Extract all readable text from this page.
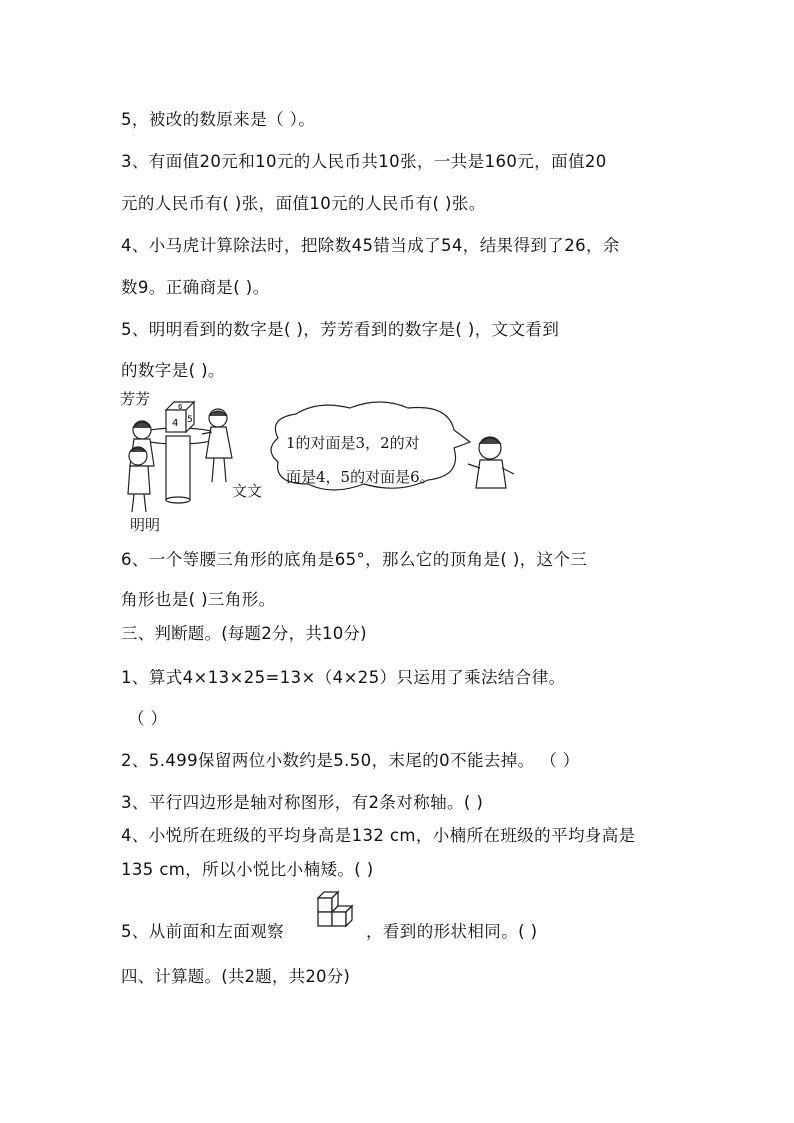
5，被改的数原来是（ ）。
3、有面值20元和10元的人民币共10张，一共是160元，面值20
元的人民币有( )张，面值10元的人民币有( )张。
4、小马虎计算除法时，把除数45错当成了54，结果得到了26，余
数9。正确商是( )。
5、明明看到的数字是( )，芳芳看到的数字是( )，文文看到
的数字是( )。
4 5
6
芳芳
明明
文文
1的对面是3，2的对
面是4，5的对面是6。
6、一个等腰三角形的底角是65°，那么它的顶角是( )，这个三
角形也是( )三角形。
三、判断题。(每题2分，共10分)
1、算式4×13×25=13×（4×25）只运用了乘法结合律。
（ ）
2、5.499保留两位小数约是5.50，末尾的0不能去掉。 （ ）
3、平行四边形是轴对称图形，有2条对称轴。( )
4、小悦所在班级的平均身高是132 cm，小楠所在班级的平均身高是
135 cm，所以小悦比小楠矮。( )
5、从前面和左面观察	，看到的形状相同。( )
四、计算题。(共2题，共20分)
